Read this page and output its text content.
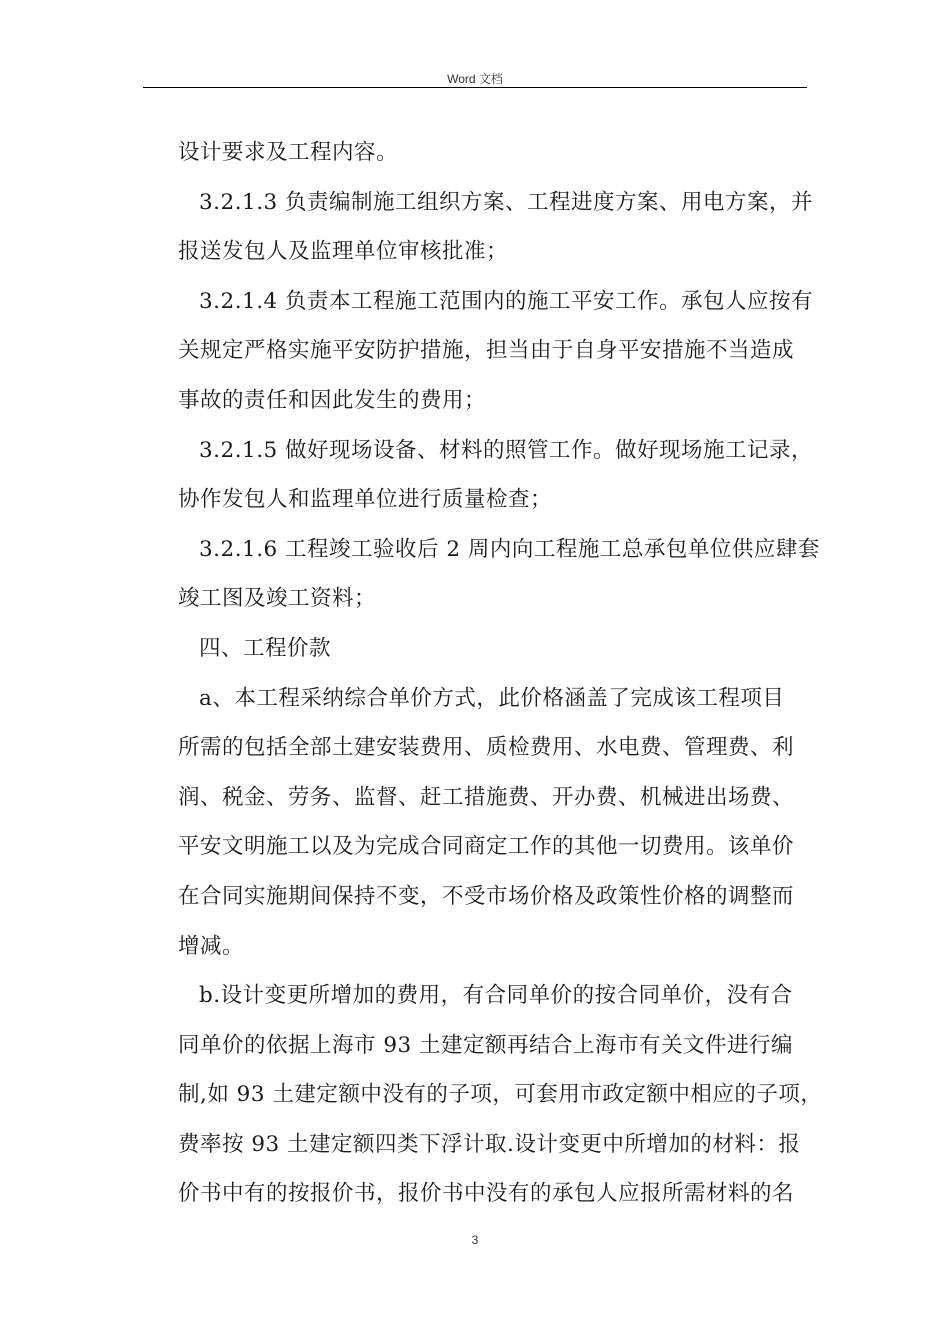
Word 文档
设计要求及工程内容。
3.2.1.3 负责编制施工组织方案、工程进度方案、用电方案，并
报送发包人及监理单位审核批准；
3.2.1.4 负责本工程施工范围内的施工平安工作。承包人应按有
关规定严格实施平安防护措施，担当由于自身平安措施不当造成
事故的责任和因此发生的费用；
3.2.1.5 做好现场设备、材料的照管工作。做好现场施工记录，
协作发包人和监理单位进行质量检查；
3.2.1.6 工程竣工验收后 2 周内向工程施工总承包单位供应肆套
竣工图及竣工资料；
四、工程价款
a、本工程采纳综合单价方式，此价格涵盖了完成该工程项目
所需的包括全部土建安装费用、质检费用、水电费、管理费、利
润、税金、劳务、监督、赶工措施费、开办费、机械进出场费、
平安文明施工以及为完成合同商定工作的其他一切费用。该单价
在合同实施期间保持不变，不受市场价格及政策性价格的调整而
增减。
b.设计变更所增加的费用，有合同单价的按合同单价，没有合
同单价的依据上海市 93 土建定额再结合上海市有关文件进行编
制,如 93 土建定额中没有的子项，可套用市政定额中相应的子项，
费率按 93 土建定额四类下浮计取.设计变更中所增加的材料：报
价书中有的按报价书，报价书中没有的承包人应报所需材料的名
3
